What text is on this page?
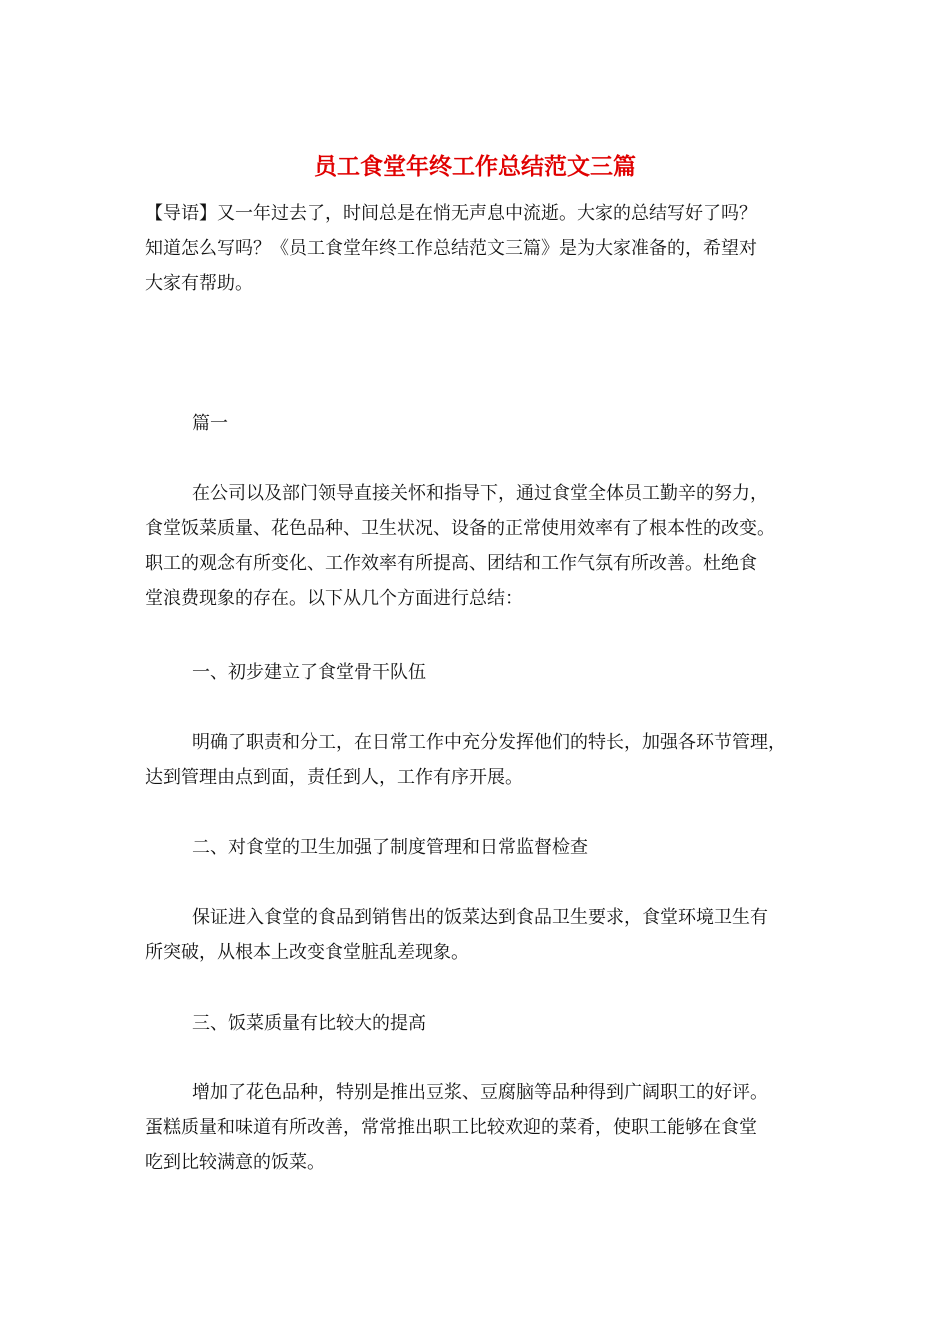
员工食堂年终工作总结范文三篇
【导语】又一年过去了，时间总是在悄无声息中流逝。大家的总结写好了吗？
知道怎么写吗？《员工食堂年终工作总结范文三篇》是为大家准备的，希望对
大家有帮助。
篇一
在公司以及部门领导直接关怀和指导下，通过食堂全体员工勤辛的努力，
食堂饭菜质量、花色品种、卫生状况、设备的正常使用效率有了根本性的改变。
职工的观念有所变化、工作效率有所提高、团结和工作气氛有所改善。杜绝食
堂浪费现象的存在。以下从几个方面进行总结：
一、初步建立了食堂骨干队伍
明确了职责和分工，在日常工作中充分发挥他们的特长，加强各环节管理，
达到管理由点到面，责任到人，工作有序开展。
二、对食堂的卫生加强了制度管理和日常监督检查
保证进入食堂的食品到销售出的饭菜达到食品卫生要求，食堂环境卫生有
所突破，从根本上改变食堂脏乱差现象。
三、饭菜质量有比较大的提高
增加了花色品种，特别是推出豆浆、豆腐脑等品种得到广阔职工的好评。
蛋糕质量和味道有所改善，常常推出职工比较欢迎的菜肴，使职工能够在食堂
吃到比较满意的饭菜。
